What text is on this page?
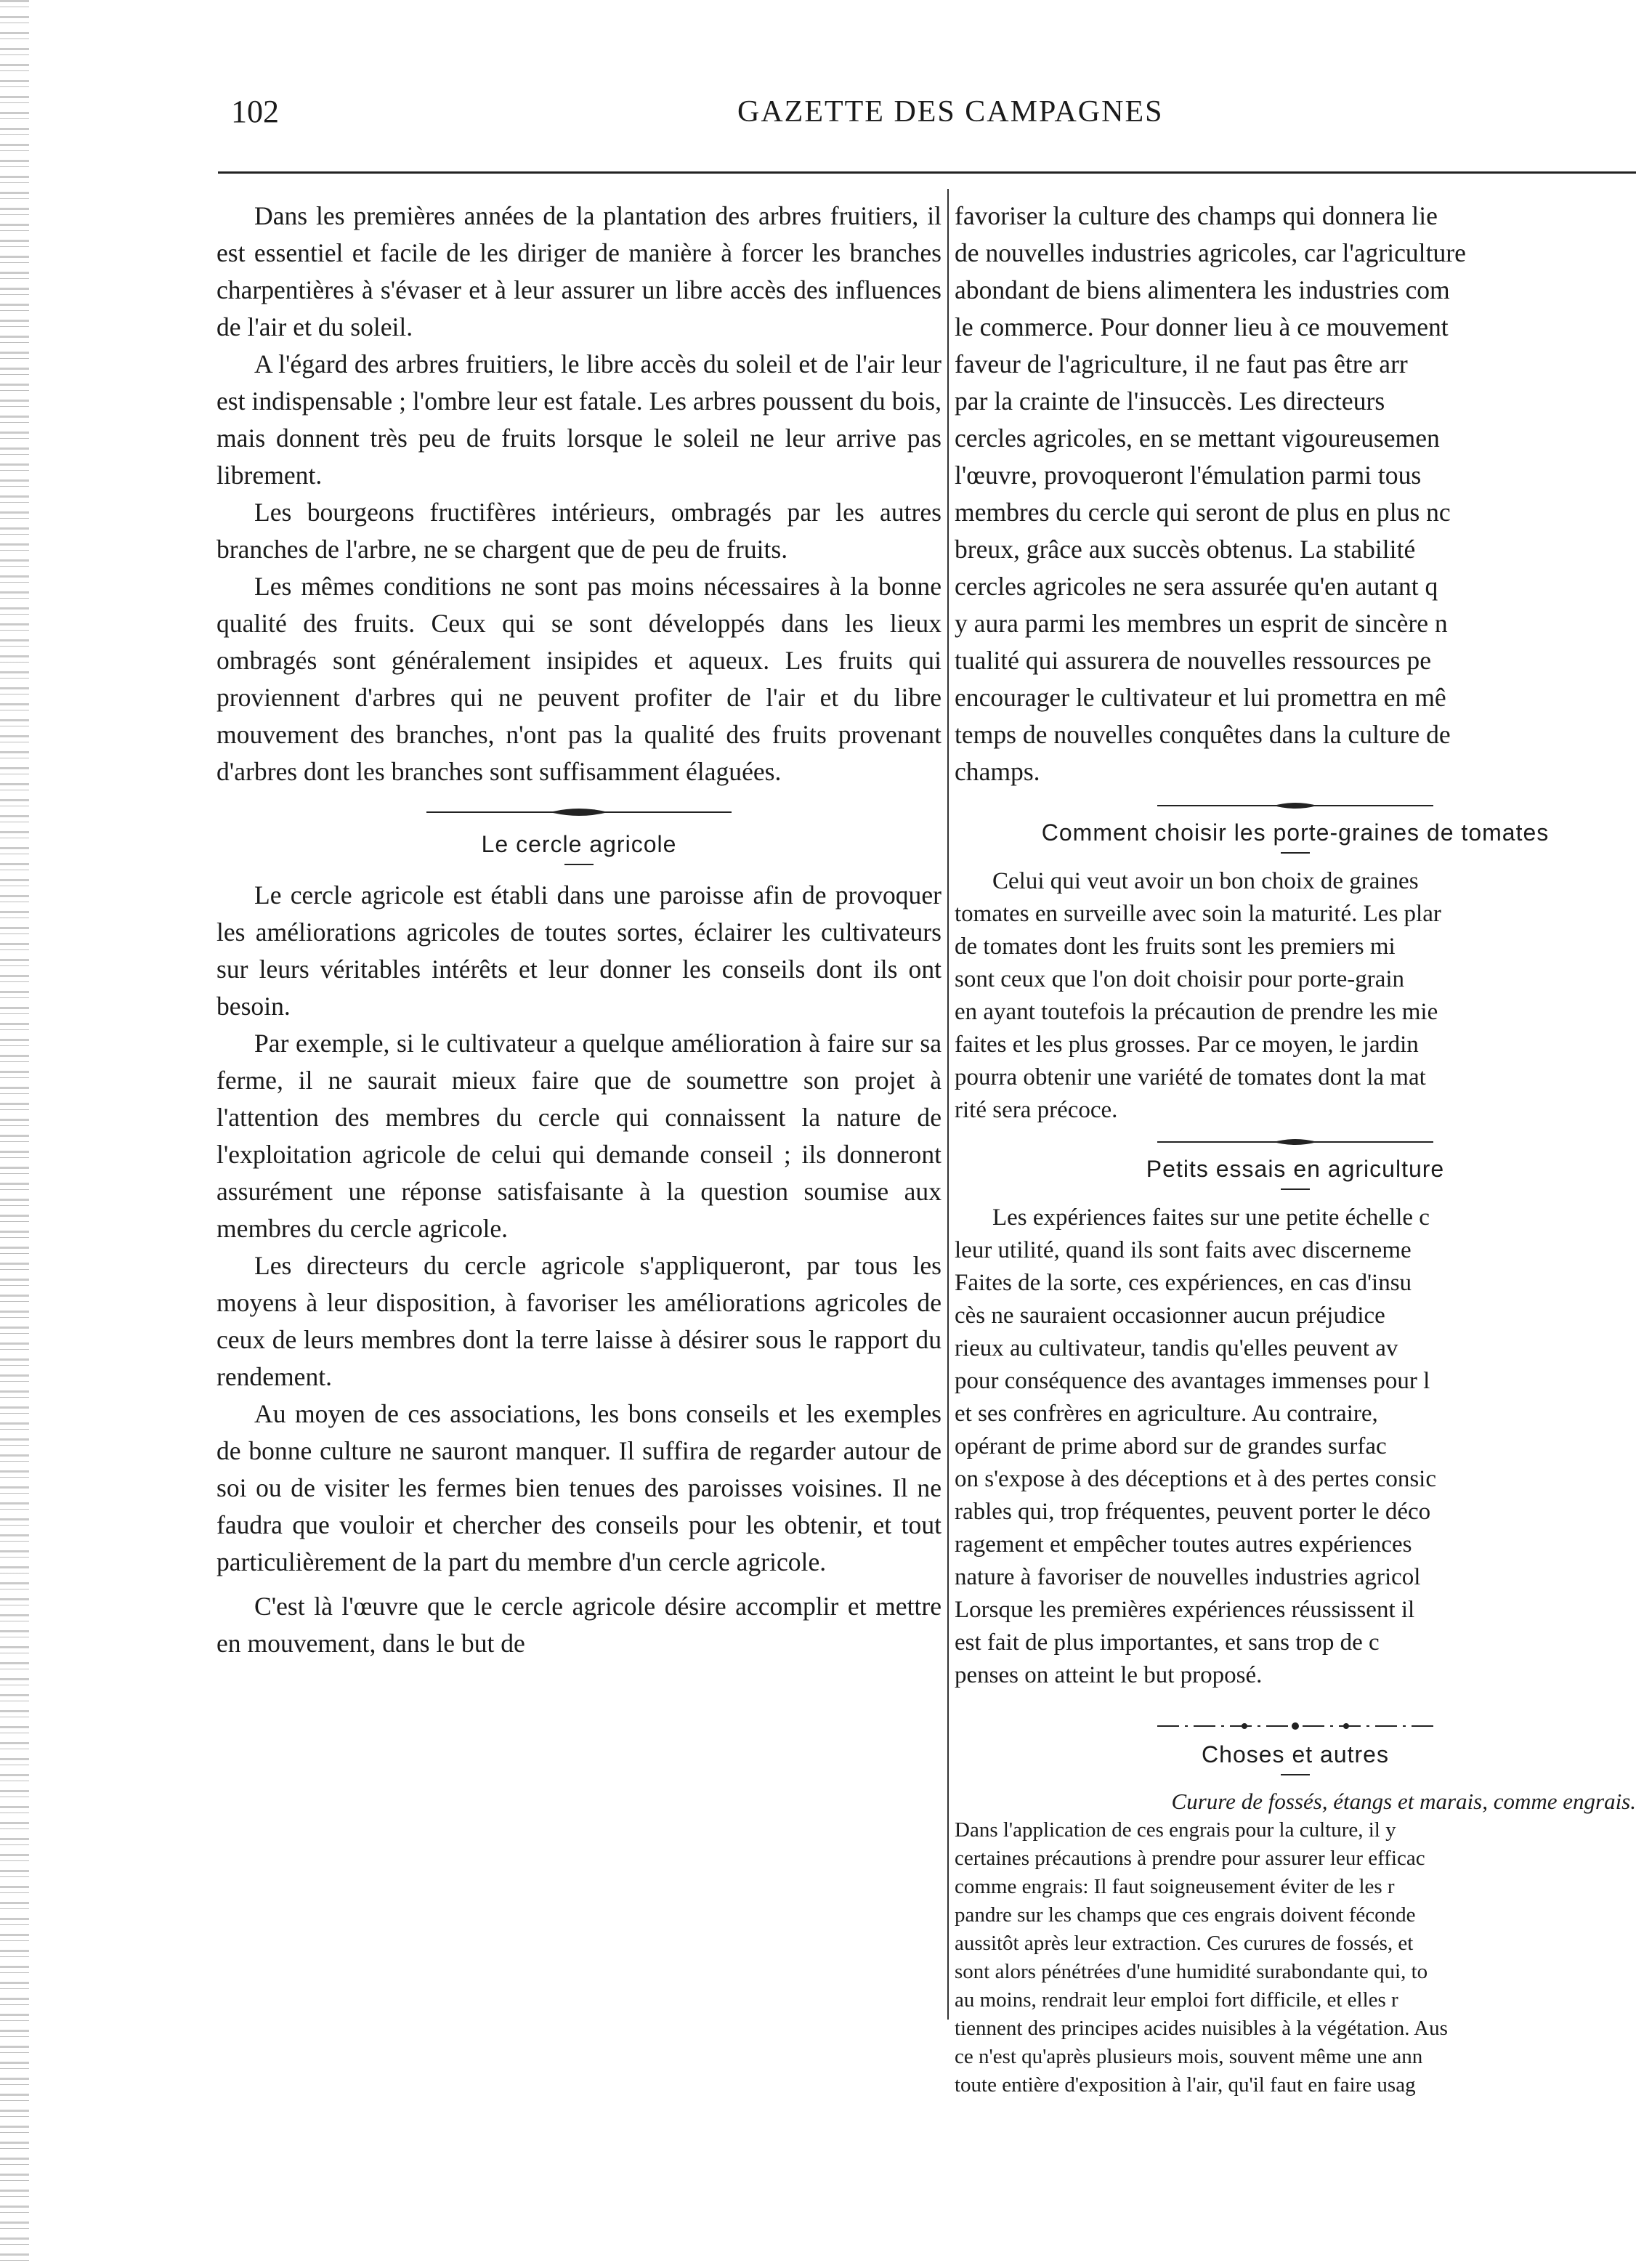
102	GAZETTE DES CAMPAGNES

Dans les premières années de la plantation des arbres fruitiers, il est essentiel et facile de les diriger de manière à forcer les branches charpentières à s'évaser et à leur assurer un libre accès des influences de l'air et du soleil.

A l'égard des arbres fruitiers, le libre accès du soleil et de l'air leur est indispensable ; l'ombre leur est fatale. Les arbres poussent du bois, mais donnent très peu de fruits lorsque le soleil ne leur arrive pas librement.

Les bourgeons fructifères intérieurs, ombragés par les autres branches de l'arbre, ne se chargent que de peu de fruits.

Les mêmes conditions ne sont pas moins nécessaires à la bonne qualité des fruits. Ceux qui se sont développés dans les lieux ombragés sont généralement insipides et aqueux. Les fruits qui proviennent d'arbres qui ne peuvent profiter de l'air et du libre mouvement des branches, n'ont pas la qualité des fruits provenant d'arbres dont les branches sont suffisamment élaguées.

Le cercle agricole

Le cercle agricole est établi dans une paroisse afin de provoquer les améliorations agricoles de toutes sortes, éclairer les cultivateurs sur leurs véritables intérêts et leur donner les conseils dont ils ont besoin.

Par exemple, si le cultivateur a quelque amélioration à faire sur sa ferme, il ne saurait mieux faire que de soumettre son projet à l'attention des membres du cercle qui connaissent la nature de l'exploitation agricole de celui qui demande conseil ; ils donneront assurément une réponse satisfaisante à la question soumise aux membres du cercle agricole.

Les directeurs du cercle agricole s'appliqueront, par tous les moyens à leur disposition, à favoriser les améliorations agricoles de ceux de leurs membres dont la terre laisse à désirer sous le rapport du rendement.

Au moyen de ces associations, les bons conseils et les exemples de bonne culture ne sauront manquer. Il suffira de regarder autour de soi ou de visiter les fermes bien tenues des paroisses voisines. Il ne faudra que vouloir et chercher des conseils pour les obtenir, et tout particulièrement de la part du membre d'un cercle agricole.

C'est là l'œuvre que le cercle agricole désire accomplir et mettre en mouvement, dans le but de

favoriser la culture des champs qui donnera lie

de nouvelles industries agricoles, car l'agriculture

abondant de biens alimentera les industries com

le commerce. Pour donner lieu à ce mouvement

faveur de l'agriculture, il ne faut pas être arr

par la crainte de l'insuccès. Les directeurs

cercles agricoles, en se mettant vigoureusemen

l'œuvre, provoqueront l'émulation parmi tous

membres du cercle qui seront de plus en plus nc

breux, grâce aux succès obtenus. La stabilité

cercles agricoles ne sera assurée qu'en autant q

y aura parmi les membres un esprit de sincère n

tualité qui assurera de nouvelles ressources pe

encourager le cultivateur et lui promettra en mê

temps de nouvelles conquêtes dans la culture de

champs.

Comment choisir les porte-graines de tomates

Celui qui veut avoir un bon choix de graines

tomates en surveille avec soin la maturité. Les plar

de tomates dont les fruits sont les premiers mi

sont ceux que l'on doit choisir pour porte-grain

en ayant toutefois la précaution de prendre les mie

faites et les plus grosses. Par ce moyen, le jardin

pourra obtenir une variété de tomates dont la mat

rité sera précoce.

Petits essais en agriculture

Les expériences faites sur une petite échelle c

leur utilité, quand ils sont faits avec discerneme

Faites de la sorte, ces expériences, en cas d'insu

cès ne sauraient occasionner aucun préjudice

rieux au cultivateur, tandis qu'elles peuvent av

pour conséquence des avantages immenses pour l

et ses confrères en agriculture. Au contraire,

opérant de prime abord sur de grandes surfac

on s'expose à des déceptions et à des pertes consic

rables qui, trop fréquentes, peuvent porter le déco

ragement et empêcher toutes autres expériences

nature à favoriser de nouvelles industries agricol

Lorsque les premières expériences réussissent il

est fait de plus importantes, et sans trop de c

penses on atteint le but proposé.

Choses et autres
Curure de fossés, étangs et marais, comme engrais.

Dans l'application de ces engrais pour la culture, il y

certaines précautions à prendre pour assurer leur efficac

comme engrais: Il faut soigneusement éviter de les r

pandre sur les champs que ces engrais doivent féconde

aussitôt après leur extraction. Ces curures de fossés, et

sont alors pénétrées d'une humidité surabondante qui, to

au moins, rendrait leur emploi fort difficile, et elles r

tiennent des principes acides nuisibles à la végétation. Aus

ce n'est qu'après plusieurs mois, souvent même une ann

toute entière d'exposition à l'air, qu'il faut en faire usag
